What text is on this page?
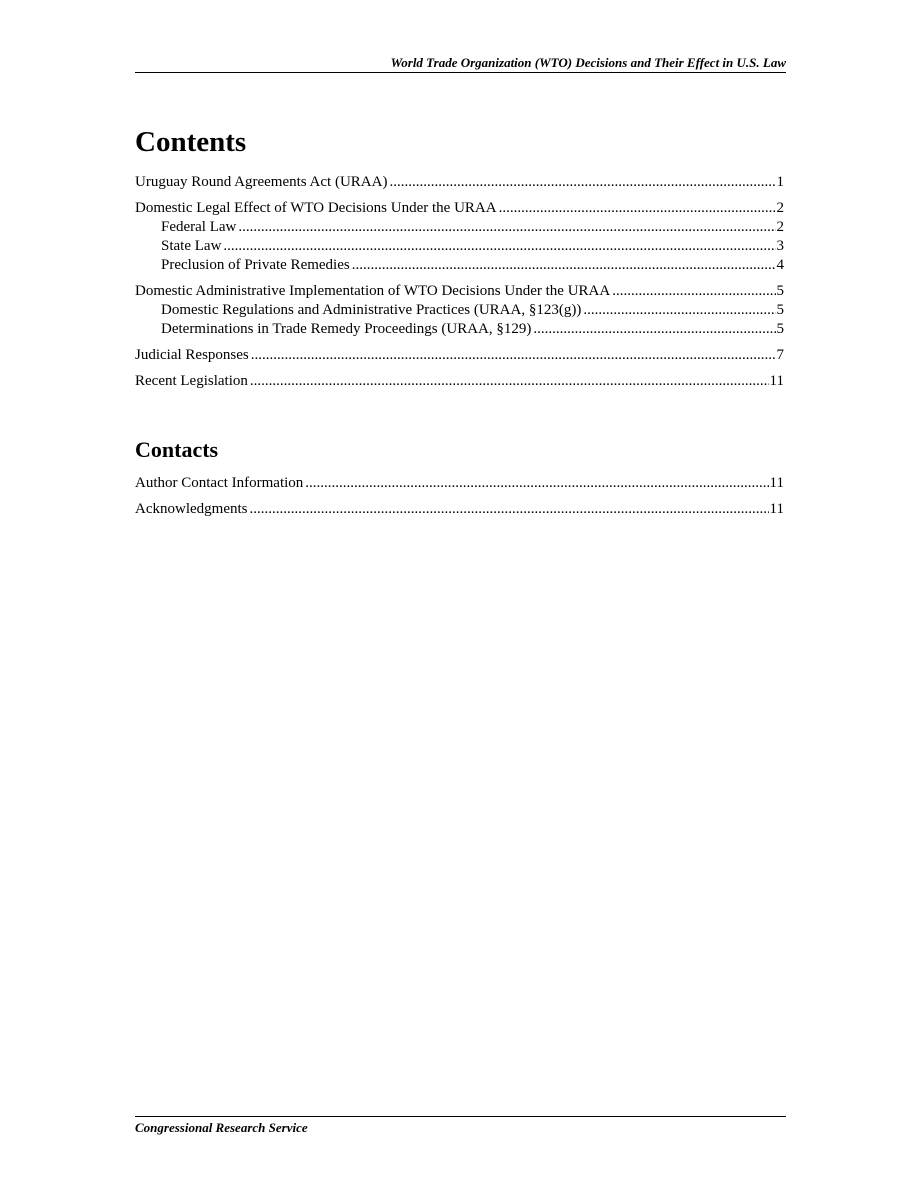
World Trade Organization (WTO) Decisions and Their Effect in U.S. Law
Contents
Uruguay Round Agreements Act (URAA) .....	1
Domestic Legal Effect of WTO Decisions Under the URAA .....	2
Federal Law .....	2
State Law .....	3
Preclusion of Private Remedies .....	4
Domestic Administrative Implementation of WTO Decisions Under the URAA .....	5
Domestic Regulations and Administrative Practices (URAA, §123(g)) .....	5
Determinations in Trade Remedy Proceedings (URAA, §129) .....	5
Judicial Responses .....	7
Recent Legislation .....	11
Contacts
Author Contact Information .....	11
Acknowledgments .....	11
Congressional Research Service
